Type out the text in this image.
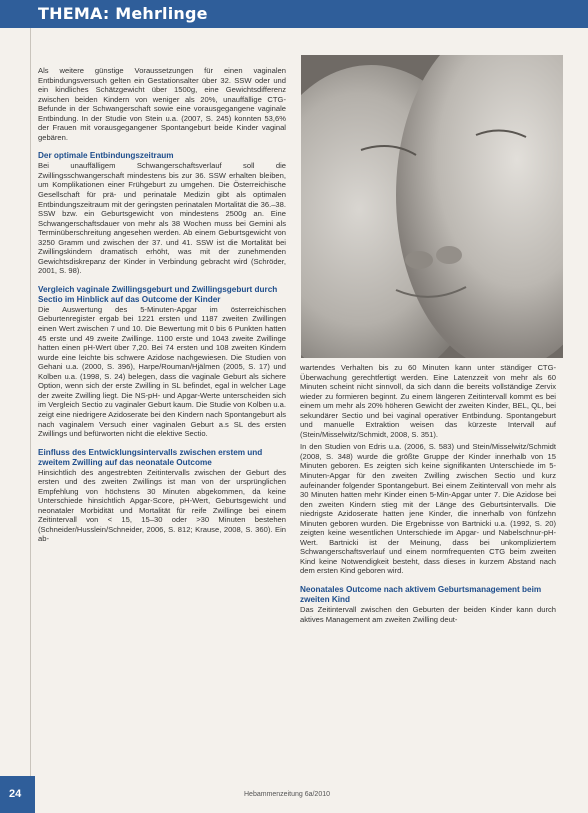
THEMA: Mehrlinge

Als weitere günstige Voraussetzungen für einen vaginalen Entbindungsversuch gelten ein Gestationsalter über 32. SSW oder und ein kindliches Schätzgewicht über 1500g, eine Gewichtsdifferenz zwischen beiden Kindern von weniger als 20%, unauffällige CTG-Befunde in der Schwangerschaft sowie eine vorausgegangene vaginale Entbindung. In der Studie von Stein u.a. (2007, S. 245) konnten 53,6% der Frauen mit vorausgegangener Spontangeburt beide Kinder vaginal gebären.

Der optimale Entbindungszeitraum

Bei unauffälligem Schwangerschaftsverlauf soll die Zwillingsschwangerschaft mindestens bis zur 36. SSW erhalten bleiben, um Komplikationen einer Frühgeburt zu umgehen. Die Österreichische Gesellschaft für prä- und perinatale Medizin gibt als optimalen Entbindungszeitraum mit der geringsten perinatalen Mortalität die 36.–38. SSW bzw. ein Geburtsgewicht von mindestens 2500g an. Eine Schwangerschaftsdauer von mehr als 38 Wochen muss bei Gemini als Terminüberschreitung angesehen werden. Ab einem Geburtsgewicht von 3250 Gramm und zwischen der 37. und 41. SSW ist die Mortalität bei Zwillingskindern dramatisch erhöht, was mit der zunehmenden Gewichtsdiskrepanz der Kinder in Verbindung gebracht wird (Schröder, 2001, S. 98).

Vergleich vaginale Zwillingsgeburt und Zwillingsgeburt durch Sectio im Hinblick auf das Outcome der Kinder

Die Auswertung des 5-Minuten-Apgar im österreichischen Geburtenregister ergab bei 1221 ersten und 1187 zweiten Zwillingen einen Wert zwischen 7 und 10. Die Bewertung mit 0 bis 6 Punkten hatten 45 erste und 49 zweite Zwillinge. 1100 erste und 1043 zweite Zwillinge hatten einen pH-Wert über 7,20. Bei 74 ersten und 108 zweiten Kindern wurde eine leichte bis schwere Azidose nachgewiesen. Die Studien von Gehani u.a. (2000, S. 396), Harpe/Rouman/Hjälmen (2005, S. 17) und Kolben u.a. (1998, S. 24) belegen, dass die vaginale Geburt als sichere Option, wenn sich der erste Zwilling in SL befindet, egal in welcher Lage der zweite Zwilling liegt. Die NS-pH- und Apgar-Werte unterscheiden sich im Vergleich Sectio zu vaginaler Geburt kaum. Die Studie von Kolben u.a. zeigt eine niedrigere Azidoserate bei den Kindern nach Spontangeburt als nach vaginalem Versuch einer vaginalen Geburt a.s SL des ersten Zwillings und befürworten nicht die elektive Sectio.

Einfluss des Entwicklungsintervalls zwischen erstem und zweitem Zwilling auf das neonatale Outcome

Hinsichtlich des angestrebten Zeitintervalls zwischen der Geburt des ersten und des zweiten Zwillings ist man von der ursprünglichen Empfehlung von höchstens 30 Minuten abgekommen, da keine Unterschiede hinsichtlich Apgar-Score, pH-Wert, Geburtsgewicht und neonataler Morbidität und Mortalität für reife Zwillinge bei einem Zeitintervall von < 15, 15–30 oder >30 Minuten bestehen (Schneider/Husslein/Schneider, 2006, S. 812; Krause, 2008, S. 360). Ein ab-

wartendes Verhalten bis zu 60 Minuten kann unter ständiger CTG-Überwachung gerechtfertigt werden. Eine Latenzzeit von mehr als 60 Minuten scheint nicht sinnvoll, da sich dann die bereits vollständige Zervix wieder zu formieren beginnt. Zu einem längeren Zeitintervall kommt es bei einem um mehr als 20% höheren Gewicht der zweiten Kinder, BEL, QL, bei sekundärer Sectio und bei vaginal operativer Entbindung. Spontangeburt und manuelle Extraktion weisen das kürzeste Intervall auf (Stein/Misselwitz/Schmidt, 2008, S. 351).

In den Studien von Edris u.a. (2006, S. 583) und Stein/Misselwitz/Schmidt (2008, S. 348) wurde die größte Gruppe der Kinder innerhalb von 15 Minuten geboren. Es zeigten sich keine signifikanten Unterschiede im 5-Minuten-Apgar für den zweiten Zwilling zwischen Sectio und kurz aufeinander folgender Spontangeburt. Bei einem Zeitintervall von mehr als 30 Minuten hatten mehr Kinder einen 5-Min-Apgar unter 7. Die Azidose bei den zweiten Kindern stieg mit der Länge des Geburtsintervalls. Die niedrigste Azidoserate hatten jene Kinder, die innerhalb von fünfzehn Minuten geboren wurden. Die Ergebnisse von Bartnicki u.a. (1992, S. 20) zeigten keine wesentlichen Unterschiede im Apgar- und Nabelschnur-pH-Wert. Bartnicki ist der Meinung, dass bei unkompliziertem Schwangerschaftsverlauf und einem normfrequenten CTG beim zweiten Kind keine Notwendigkeit besteht, dass dieses in kurzem Abstand nach dem ersten Kind geboren wird.

Neonatales Outcome nach aktivem Geburtsmanagement beim zweiten Kind

Das Zeitintervall zwischen den Geburten der beiden Kinder kann durch aktives Management am zweiten Zwilling deut-

24	Hebammenzeitung 6a/2010
